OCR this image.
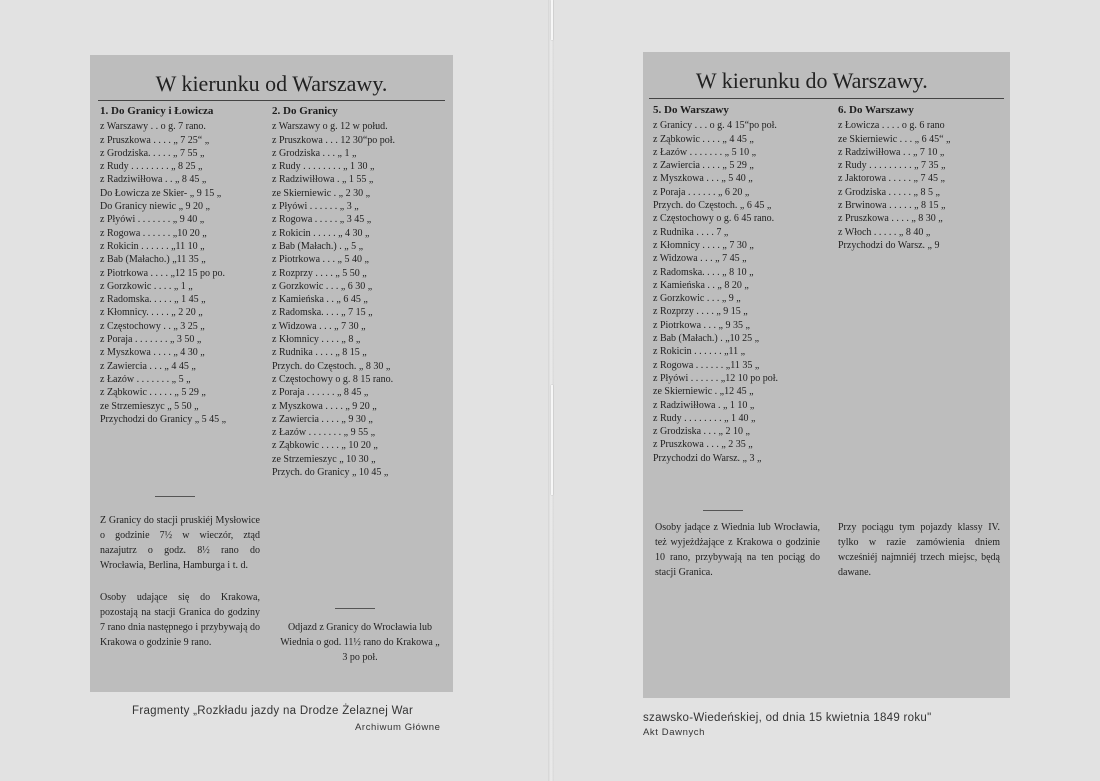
W kierunku od Warszawy.
1. Do Granicy i Łowicza
z Warszawy . . o g. 7 rano.
z Pruszkowa . . . . „ 7 25“ „
z Grodziska. . . . . „ 7 55 „
z Rudy . . . . . . . . „ 8 25 „
z Radziwiłłowa . . „ 8 45 „
Do Łowicza ze Skier- „ 9 15 „
Do Granicy niewic „ 9 20 „
z Płyówi . . . . . . . „ 9 40 „
z Rogowa . . . . . . „10 20 „
z Rokicin . . . . . . „11 10 „
z Bab (Małacho.) „11 35 „
z Piotrkowa . . . . „12 15 po po.
z Gorzkowic . . . . „ 1 „
z Radomska. . . . . „ 1 45 „
z Kłomnicy. . . . . „ 2 20 „
z Częstochowy . . „ 3 25 „
z Poraja . . . . . . . „ 3 50 „
z Myszkowa . . . . „ 4 30 „
z Zawiercia . . . „ 4 45 „
z Łazów . . . . . . . „ 5 „
z Ząbkowic . . . . . „ 5 29 „
ze Strzemieszyc „ 5 50 „
Przychodzi do Granicy „ 5 45 „
2. Do Granicy
z Warszawy o g. 12 w połud.
z Pruszkowa . . . 12 30“po poł.
z Grodziska . . . „ 1 „
z Rudy . . . . . . . . „ 1 30 „
z Radziwiłłowa . „ 1 55 „
ze Skierniewic . „ 2 30 „
z Płyówi . . . . . . „ 3 „
z Rogowa . . . . . „ 3 45 „
z Rokicin . . . . . „ 4 30 „
z Bab (Małach.) . „ 5 „
z Piotrkowa . . . „ 5 40 „
z Rozprzy . . . . „ 5 50 „
z Gorzkowic . . . „ 6 30 „
z Kamieńska . . „ 6 45 „
z Radomska. . . . „ 7 15 „
z Widzowa . . . „ 7 30 „
z Kłomnicy . . . . „ 8 „
z Rudnika . . . . „ 8 15 „
Przych. do Częstoch. „ 8 30 „
z Częstochowy o g. 8 15 rano.
z Poraja . . . . . . „ 8 45 „
z Myszkowa . . . . „ 9 20 „
z Zawiercia . . . . „ 9 30 „
z Łazów . . . . . . . „ 9 55 „
z Ząbkowic . . . . „ 10 20 „
ze Strzemieszyc „ 10 30 „
Przych. do Granicy „ 10 45 „
Z Granicy do stacji pruskiéj Mysłowice o godzinie 7½ w wieczór, ztąd nazajutrz o godz. 8½ rano do Wrocławia, Berlina, Hamburga i t. d.
Osoby udające się do Krakowa, pozostają na stacji Granica do godziny 7 rano dnia następnego i przybywają do Krakowa o godzinie 9 rano.
Odjazd z Granicy do Wrocławia lub Wiednia o god. 11½ rano do Krakowa „ 3 po poł.
W kierunku do Warszawy.
5. Do Warszawy
z Granicy . . . o g. 4 15“po poł.
z Ząbkowic . . . . „ 4 45 „
z Łazów . . . . . . . „ 5 10 „
z Zawiercia . . . . „ 5 29 „
z Myszkowa . . . „ 5 40 „
z Poraja . . . . . . „ 6 20 „
Przych. do Częstoch. „ 6 45 „
z Częstochowy o g. 6 45 rano.
z Rudnika . . . . 7 „
z Kłomnicy . . . . „ 7 30 „
z Widzowa . . . „ 7 45 „
z Radomska. . . . „ 8 10 „
z Kamieńska . . „ 8 20 „
z Gorzkowic . . . „ 9 „
z Rozprzy . . . . „ 9 15 „
z Piotrkowa . . . „ 9 35 „
z Bab (Małach.) . „10 25 „
z Rokicin . . . . . . „11 „
z Rogowa . . . . . . „11 35 „
z Płyówi . . . . . . „12 10 po poł.
ze Skierniewic . „12 45 „
z Radziwiłłowa . „ 1 10 „
z Rudy . . . . . . . . „ 1 40 „
z Grodziska . . . „ 2 10 „
z Pruszkowa . . . „ 2 35 „
Przychodzi do Warsz. „ 3 „
6. Do Warszawy
z Łowicza . . . . o g. 6 rano
ze Skierniewic . . . „ 6 45“ „
z Radziwiłłowa . . „ 7 10 „
z Rudy . . . . . . . . . „ 7 35 „
z Jaktorowa . . . . . „ 7 45 „
z Grodziska . . . . . „ 8 5 „
z Brwinowa . . . . . „ 8 15 „
z Pruszkowa . . . . „ 8 30 „
z Włoch . . . . . „ 8 40 „
Przychodzi do Warsz. „ 9
Osoby jadące z Wiednia lub Wrocławia, też wyjeżdżające z Krakowa o godzinie 10 rano, przybywają na ten pociąg do stacji Granica.
Przy pociągu tym pojazdy klassy IV. tylko w razie zamówienia dniem wcześniéj najmniéj trzech miejsc, będą dawane.
Fragmenty „Rozkładu jazdy na Drodze Żelaznej War
Archiwum Główne
szawsko-Wiedeńskiej, od dnia 15 kwietnia 1849 roku"
Akt Dawnych
